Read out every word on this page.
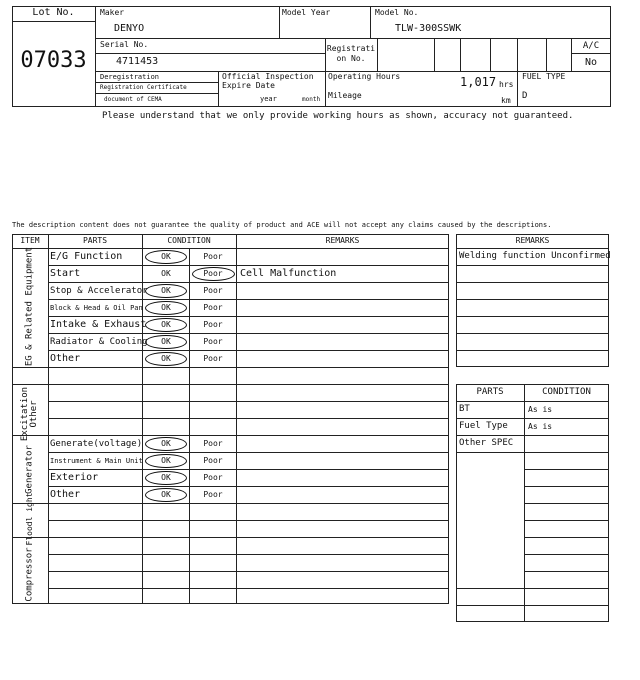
Lot No.
07033
Maker
DENYO
Model Year	Model No.
TLW-300SSWK
Serial No.
4711453
Registrati
on No.
A/C
No
Deregistration
Registration Certificate
document of CEMA
Official Inspection
Expire Date
year	month
Operating Hours	1,017 hrs
Mileage
km
FUEL TYPE
D
Please understand that we only provide working hours as shown, accuracy not guaranteed.
The description content does not guarantee the quality of product and ACE will not accept any claims caused by the descriptions.
ITEM	PARTS	CONDITION	REMARKS
EG & Related Equipment E/G Function	OK	Poor
Start	OK	Poor	Cell Malfunction
Stop & Accelerator	OK	Poor
Block & Head & Oil Pan	OK	Poor
Intake & Exhaust	OK	Poor
Radiator & Cooling	OK	Poor
Other	OK	Poor
Excitation Other
Generator
Generate(voltage)	OK	Poor
Instrument & Main Unit	OK	Poor
Exterior	OK	Poor
Other	OK	Poor
Floodl ight
Compressor
REMARKS
Welding function Unconfirmed
PARTS	CONDITION
BT	As is
Fuel Type	As is
Other SPEC
